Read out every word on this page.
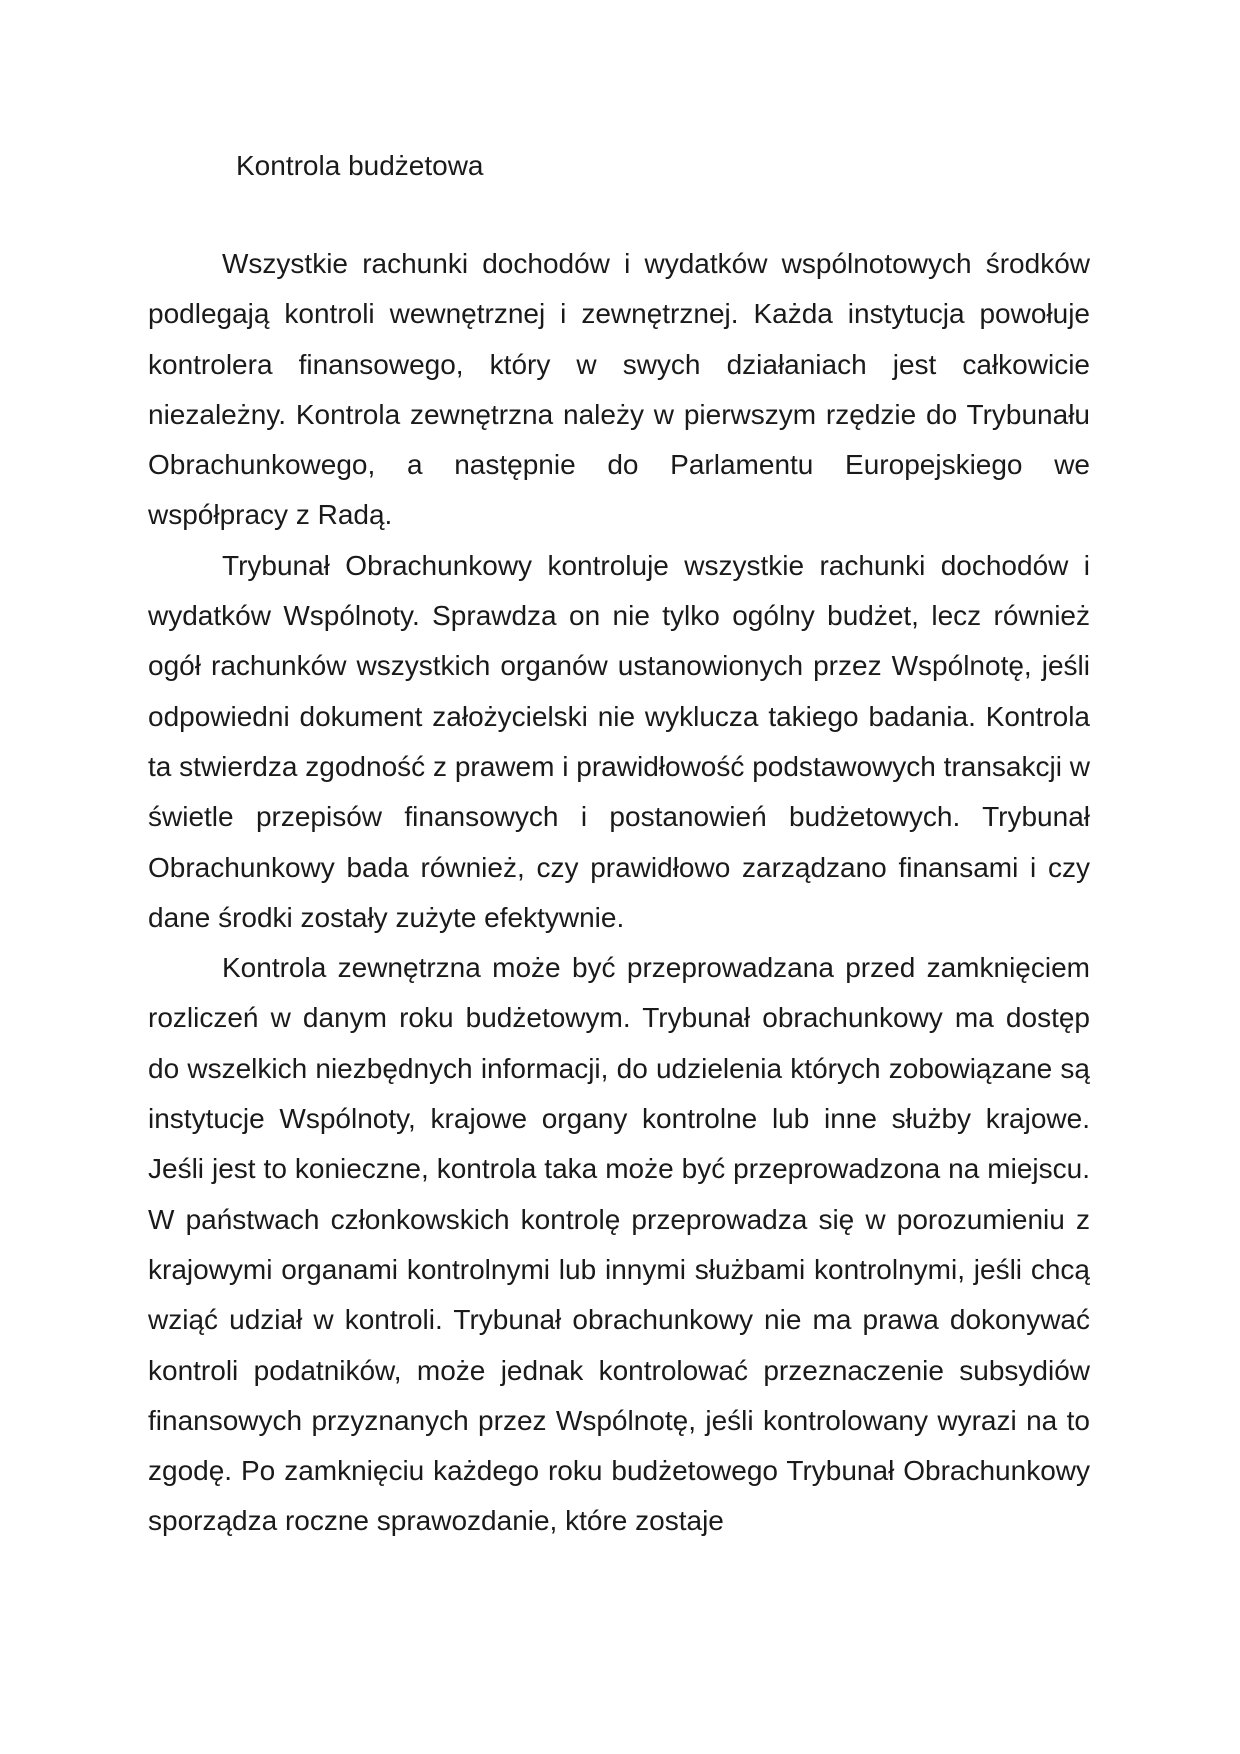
Kontrola budżetowa

Wszystkie rachunki dochodów i wydatków wspólnotowych środków podlegają kontroli wewnętrznej i zewnętrznej. Każda instytucja powołuje kontrolera finansowego, który w swych działaniach jest całkowicie niezależny. Kontrola zewnętrzna należy w pierwszym rzędzie do Trybunału Obrachunkowego, a następnie do Parlamentu Europejskiego we współpracy z Radą.

Trybunał Obrachunkowy kontroluje wszystkie rachunki dochodów i wydatków Wspólnoty. Sprawdza on nie tylko ogólny budżet, lecz również ogół rachunków wszystkich organów ustanowionych przez Wspólnotę, jeśli odpowiedni dokument założycielski nie wyklucza takiego badania. Kontrola ta stwierdza zgodność z prawem i prawidłowość podstawowych transakcji w świetle przepisów finansowych i postanowień budżetowych. Trybunał Obrachunkowy bada również, czy prawidłowo zarządzano finansami i czy dane środki zostały zużyte efektywnie.

Kontrola zewnętrzna może być przeprowadzana przed zamknięciem rozliczeń w danym roku budżetowym. Trybunał obrachunkowy ma dostęp do wszelkich niezbędnych informacji, do udzielenia których zobowiązane są instytucje Wspólnoty, krajowe organy kontrolne lub inne służby krajowe. Jeśli jest to konieczne, kontrola taka może być przeprowadzona na miejscu. W państwach członkowskich kontrolę przeprowadza się w porozumieniu z krajowymi organami kontrolnymi lub innymi służbami kontrolnymi, jeśli chcą wziąć udział w kontroli. Trybunał obrachunkowy nie ma prawa dokonywać kontroli podatników, może jednak kontrolować przeznaczenie subsydiów finansowych przyznanych przez Wspólnotę, jeśli kontrolowany wyrazi na to zgodę. Po zamknięciu każdego roku budżetowego Trybunał Obrachunkowy sporządza roczne sprawozdanie, które zostaje
